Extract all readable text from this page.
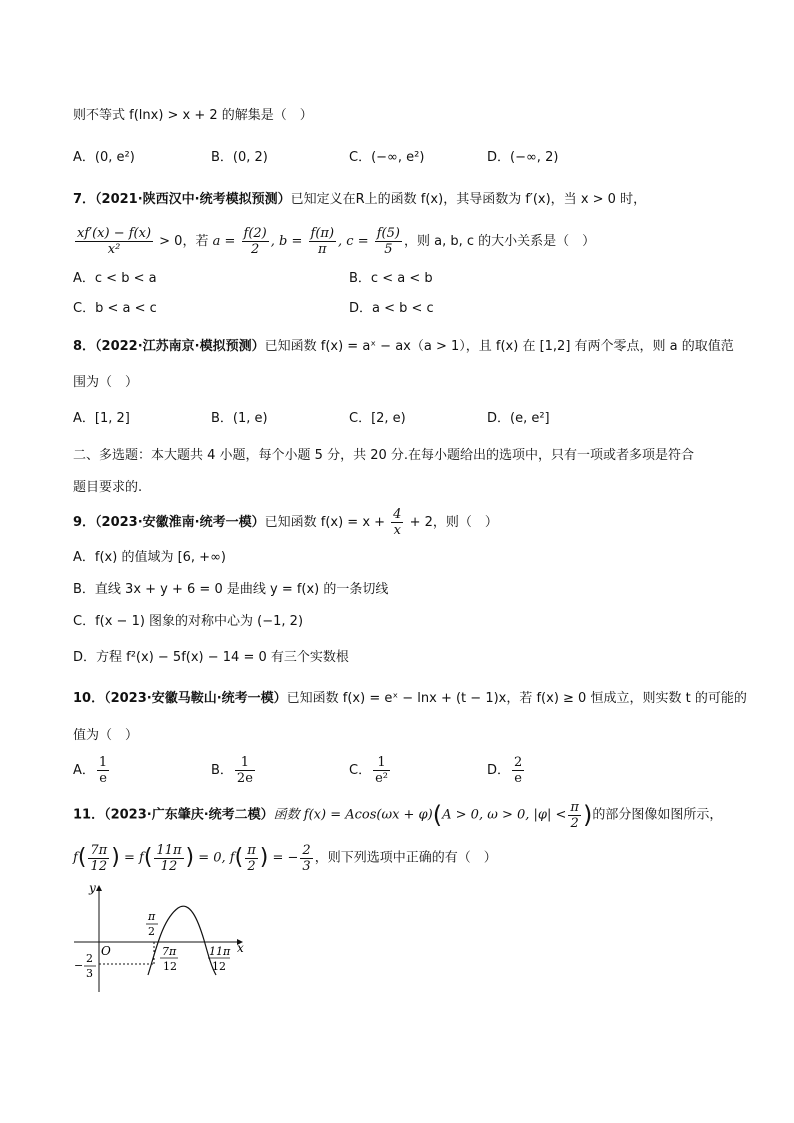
则不等式 f(lnx) > x + 2 的解集是（　）
A．(0, e²)	B．(0, 2)	C．(−∞, e²)	D．(−∞, 2)
7．（2021·陕西汉中·统考模拟预测）已知定义在R上的函数 f(x)，其导函数为 f′(x)，当 x > 0 时，
$\frac{xf'(x) - f(x)}{\text{x²}} > 0$，若 $a = \frac{f(2)}{2}$ , $b = \frac{f(\pi)}{\pi}$ , $c = \frac{f(5)}{5}$ ，则 a, b, c 的大小关系是（　）
A．c < b < a	B．c < a < b
C．b < a < c	D．a < b < c
8．（2022·江苏南京·模拟预测）已知函数 f(x) = aˣ − ax（a > 1），且 f(x) 在 [1,2] 有两个零点，则 a 的取值范
围为（　）
A．[1, 2]	B．(1, e)	C．[2, e)	D．(e, e²]
二、多选题：本大题共 4 小题，每个小题 5 分，共 20 分.在每小题给出的选项中，只有一项或者多项是符合
题目要求的.
9．（2023·安徽淮南·统考一模）已知函数 $f(x) = x + \frac{4}{x} + 2$，则（　）
A．f(x) 的值域为 [6, +∞)
B．直线 3x + y + 6 = 0 是曲线 y = f(x) 的一条切线
C．f(x − 1) 图象的对称中心为 (−1, 2)
D．方程 f²(x) − 5f(x) − 14 = 0 有三个实数根
10．（2023·安徽马鞍山·统考一模）已知函数 f(x) = eˣ − lnx + (t − 1)x，若 f(x) ≥ 0 恒成立，则实数 t 的可能的
值为（　）
A． $\frac{1}{e}$	B． $\frac{1}{2e}$	C． $\frac{1}{\text{e²}}$	D． $\frac{2}{e}$
11．（2023·广东肇庆·统考二模）函数 f(x) = Acos(ωx + φ)(A > 0, ω > 0, $|\varphi| < \frac{\pi}{2}$ )的部分图像如图所示，
$f( \frac{7\pi}{12}$ ) = $f( \frac{11\pi}{12}$ ) = 0, $f( \frac{\pi}{2}$ ) = − $\frac{2}{3}$ ，则下列选项中正确的有（　）
y
x
O
π
2
−
2
3
7π
12
11π
12
